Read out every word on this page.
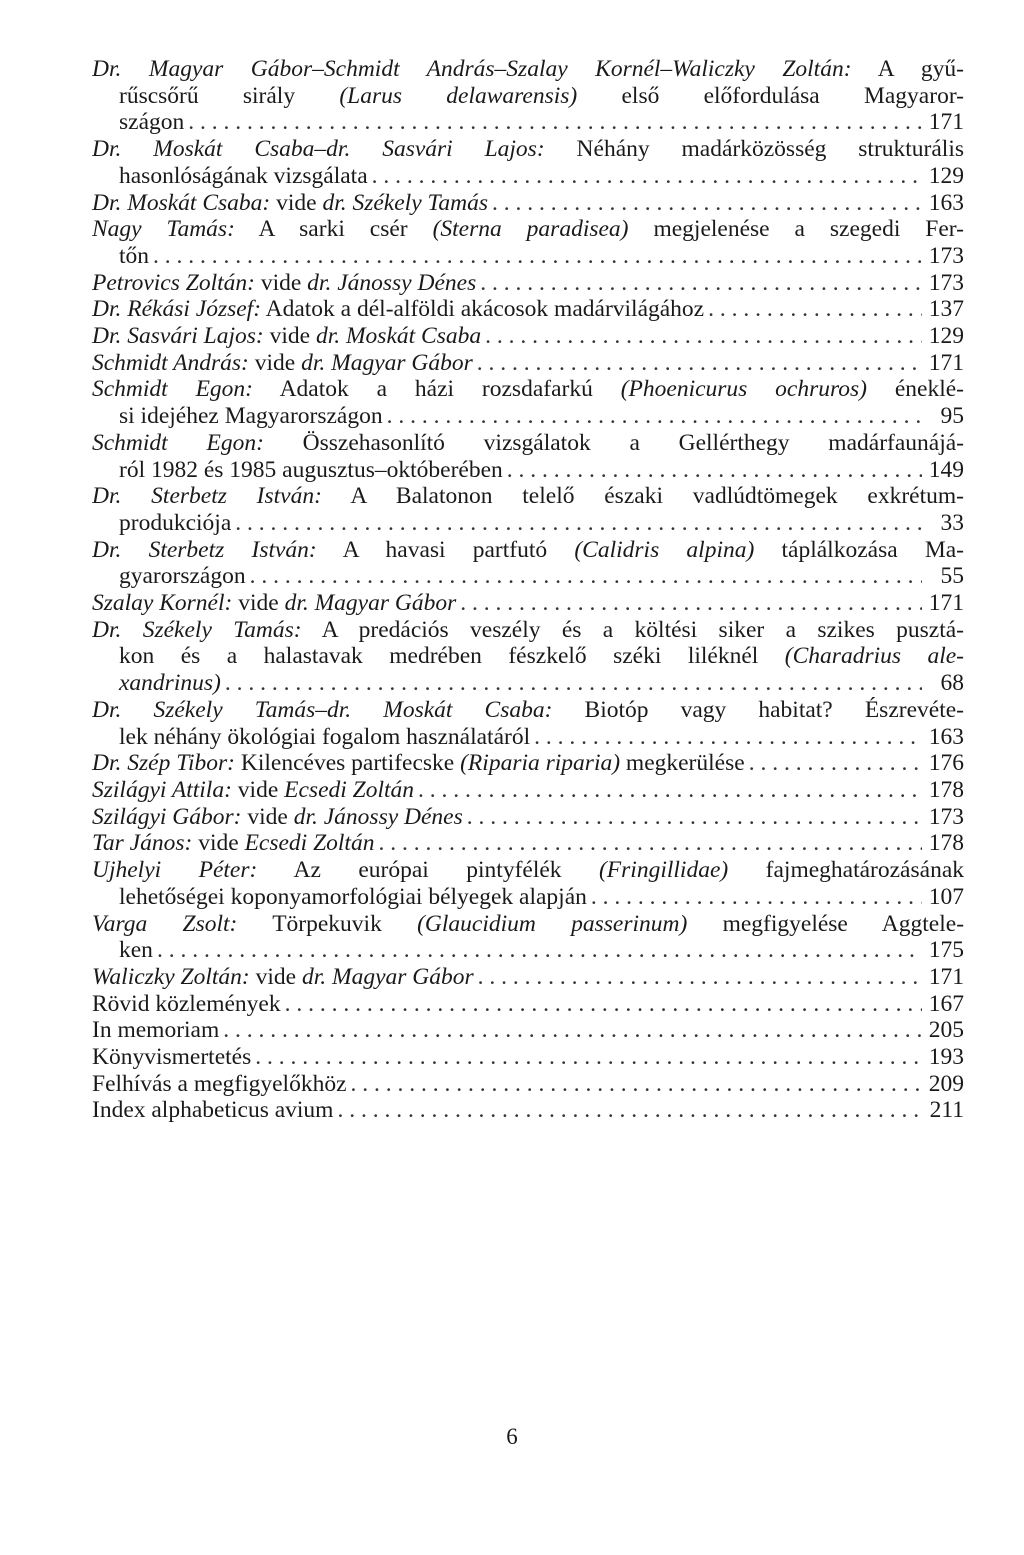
Dr. Magyar Gábor–Schmidt András–Szalay Kornél–Waliczky Zoltán: A gyű-
rűscsőrű sirály (Larus delawarensis) első előfordulása Magyaror-
szágon . . .	171
Dr. Moskát Csaba–dr. Sasvári Lajos: Néhány madárközösség strukturális
hasonlóságának vizsgálata . . .	129
Dr. Moskát Csaba: vide dr. Székely Tamás . . .	163
Nagy Tamás: A sarki csér (Sterna paradisea) megjelenése a szegedi Fer-
tőn . . .	173
Petrovics Zoltán: vide dr. Jánossy Dénes . . .	173
Dr. Rékási József: Adatok a dél-alföldi akácosok madárvilágához . . .	137
Dr. Sasvári Lajos: vide dr. Moskát Csaba . . .	129
Schmidt András: vide dr. Magyar Gábor . . .	171
Schmidt Egon: Adatok a házi rozsdafarkú (Phoenicurus ochruros) éneklé-
si idejéhez Magyarországon . . .	95
Schmidt Egon: Összehasonlító vizsgálatok a Gellérthegy madárfaunájá-
ról 1982 és 1985 augusztus–októberében . . .	149
Dr. Sterbetz István: A Balatonon telelő északi vadlúdtömegek exkrétum-
produkciója . . .	33
Dr. Sterbetz István: A havasi partfutó (Calidris alpina) táplálkozása Ma-
gyarországon . . .	55
Szalay Kornél: vide dr. Magyar Gábor . . .	171
Dr. Székely Tamás: A predációs veszély és a költési siker a szikes pusztá-
kon és a halastavak medrében fészkelő széki liléknél (Charadrius ale-
xandrinus) . . .	68
Dr. Székely Tamás–dr. Moskát Csaba: Biotóp vagy habitat? Észrevéte-
lek néhány ökológiai fogalom használatáról . . .	163
Dr. Szép Tibor: Kilencéves partifecske (Riparia riparia) megkerülése . . .	176
Szilágyi Attila: vide Ecsedi Zoltán . . .	178
Szilágyi Gábor: vide dr. Jánossy Dénes . . .	173
Tar János: vide Ecsedi Zoltán . . .	178
Ujhelyi Péter: Az európai pintyfélék (Fringillidae) fajmeghatározásának
lehetőségei koponyamorfológiai bélyegek alapján . . .	107
Varga Zsolt: Törpekuvik (Glaucidium passerinum) megfigyelése Aggtele-
ken . . .	175
Waliczky Zoltán: vide dr. Magyar Gábor . . .	171
Rövid közlemények . . .	167
In memoriam . . .	205
Könyvismertetés . . .	193
Felhívás a megfigyelőkhöz . . .	209
Index alphabeticus avium . . .	211
6
